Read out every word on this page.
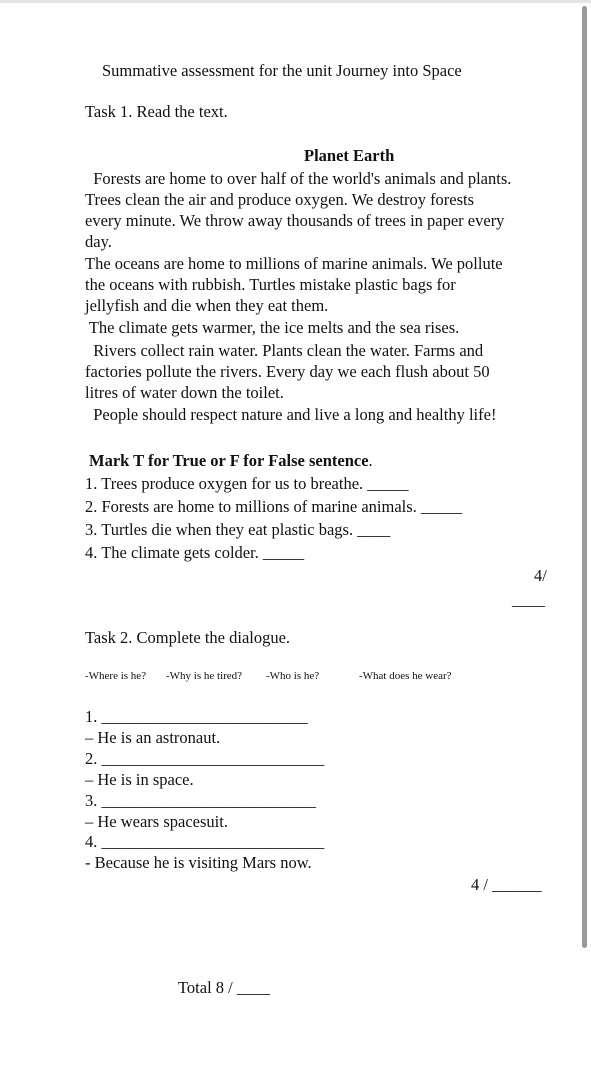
Summative assessment for the unit Journey into Space
Task 1. Read the text.
Planet Earth
Forests are home to over half of the world's animals and plants.
Trees clean the air and produce oxygen. We destroy forests
every minute. We throw away thousands of trees in paper every
day.
The oceans are home to millions of marine animals. We pollute
the oceans with rubbish. Turtles mistake plastic bags for
jellyfish and die when they eat them.
The climate gets warmer, the ice melts and the sea rises.
Rivers collect rain water. Plants clean the water. Farms and
factories pollute the rivers. Every day we each flush about 50
litres of water down the toilet.
People should respect nature and live a long and healthy life!
Mark T for True or F for False sentence.
1. Trees produce oxygen for us to breathe. _____
2. Forests are home to millions of marine animals. _____
3. Turtles die when they eat plastic bags. ____
4. The climate gets colder. _____
4/
____
Task 2. Complete the dialogue.
-Where is he? -Why is he tired? -Who is he?	-What does he wear?
1. _________________________
– He is an astronaut.
2. ___________________________
– He is in space.
3. __________________________
– He wears spacesuit.
4. ___________________________
- Because he is visiting Mars now.
4 / ______
Total 8 / ____
